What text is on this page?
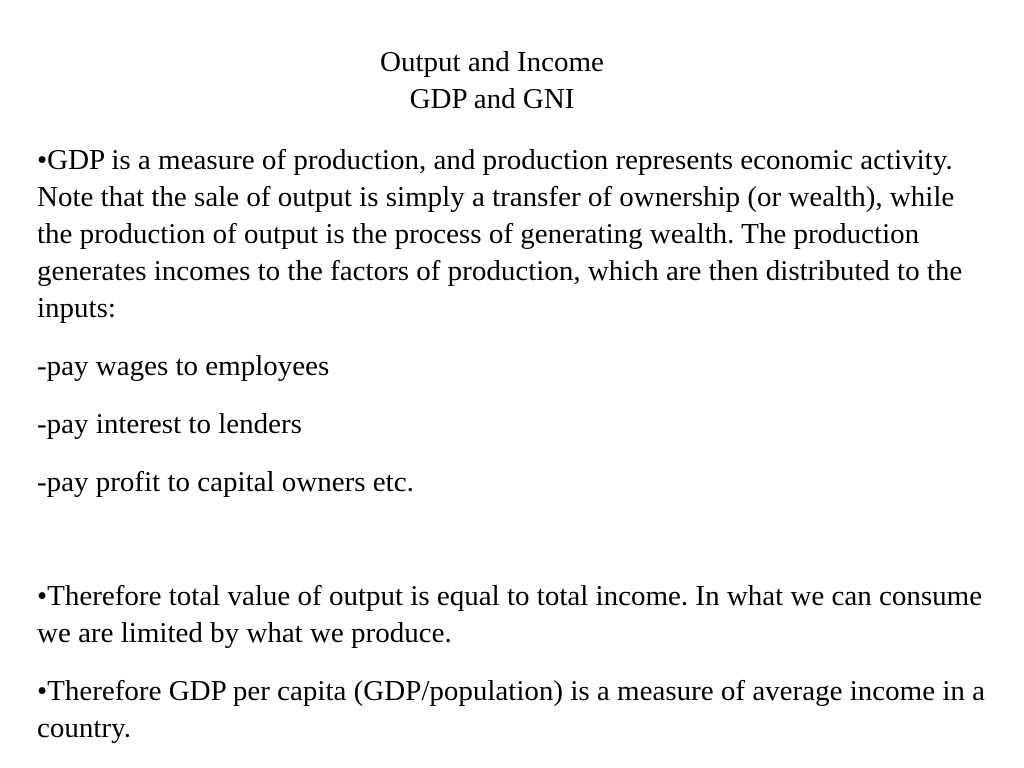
Output and Income
GDP and GNI

•GDP is a measure of production, and production represents economic activity. Note that the sale of output is simply a transfer of ownership (or wealth), while the production of output is the process of generating wealth. The production generates incomes to the factors of production, which are then distributed to the inputs:

-pay wages to employees

-pay interest to lenders

-pay profit to capital owners etc.

•Therefore total value of output is equal to total income. In what we can consume we are limited by what we produce.

•Therefore GDP per capita (GDP/population) is a measure of average income in a country.
